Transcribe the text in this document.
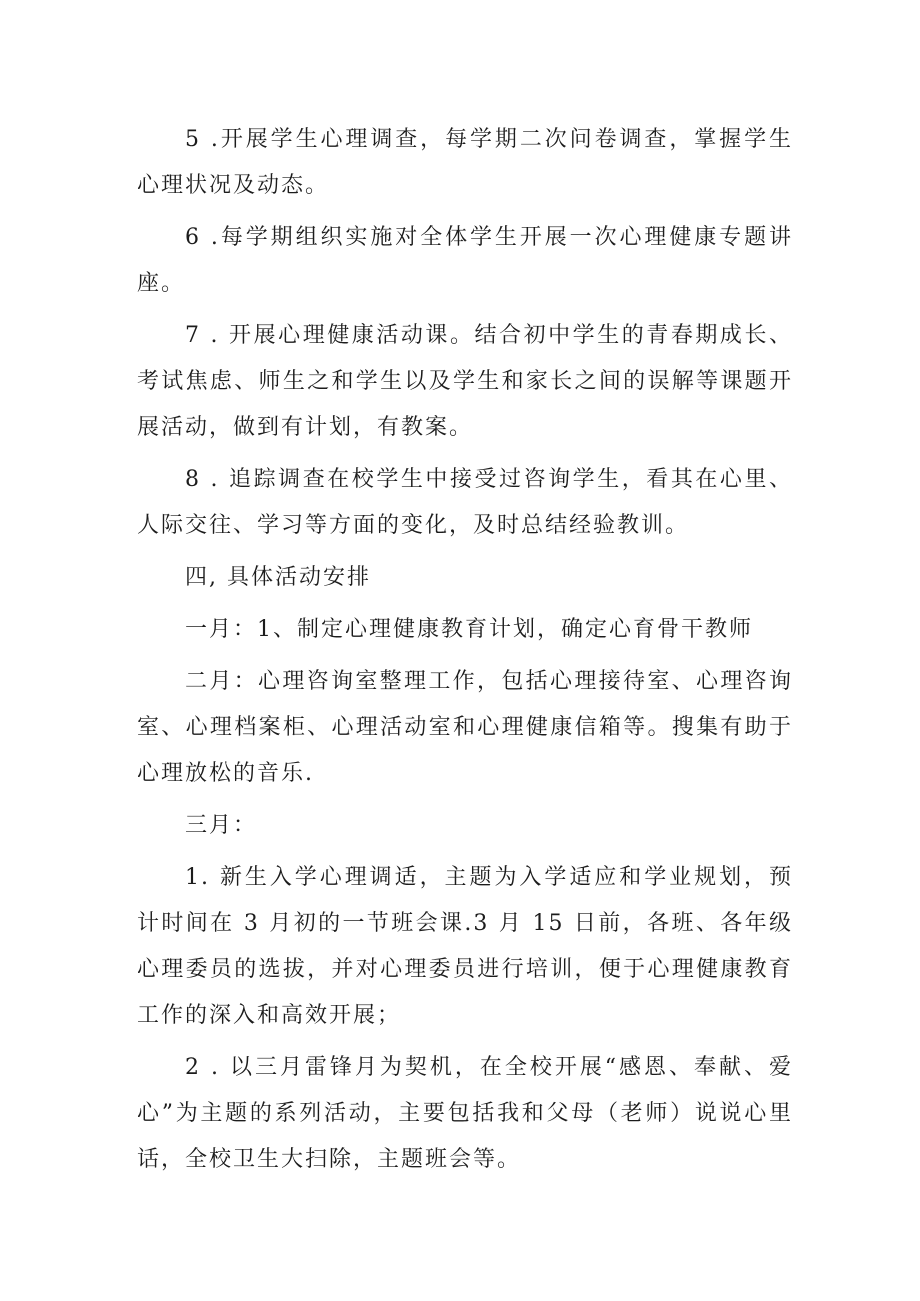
5 .开展学生心理调查，每学期二次问卷调查，掌握学生心理状况及动态。

6 .每学期组织实施对全体学生开展一次心理健康专题讲座。

7 . 开展心理健康活动课。结合初中学生的青春期成长、考试焦虑、师生之和学生以及学生和家长之间的误解等课题开展活动，做到有计划，有教案。

8 . 追踪调查在校学生中接受过咨询学生，看其在心里、人际交往、学习等方面的变化，及时总结经验教训。

四, 具体活动安排

一月：1、制定心理健康教育计划，确定心育骨干教师

二月：心理咨询室整理工作，包括心理接待室、心理咨询室、心理档案柜、心理活动室和心理健康信箱等。搜集有助于心理放松的音乐.

三月：

1. 新生入学心理调适，主题为入学适应和学业规划，预计时间在 3 月初的一节班会课.3 月 15 日前，各班、各年级心理委员的选拔，并对心理委员进行培训，便于心理健康教育工作的深入和高效开展；

2 . 以三月雷锋月为契机，在全校开展“感恩、奉献、爱心”为主题的系列活动，主要包括我和父母（老师）说说心里话，全校卫生大扫除，主题班会等。
